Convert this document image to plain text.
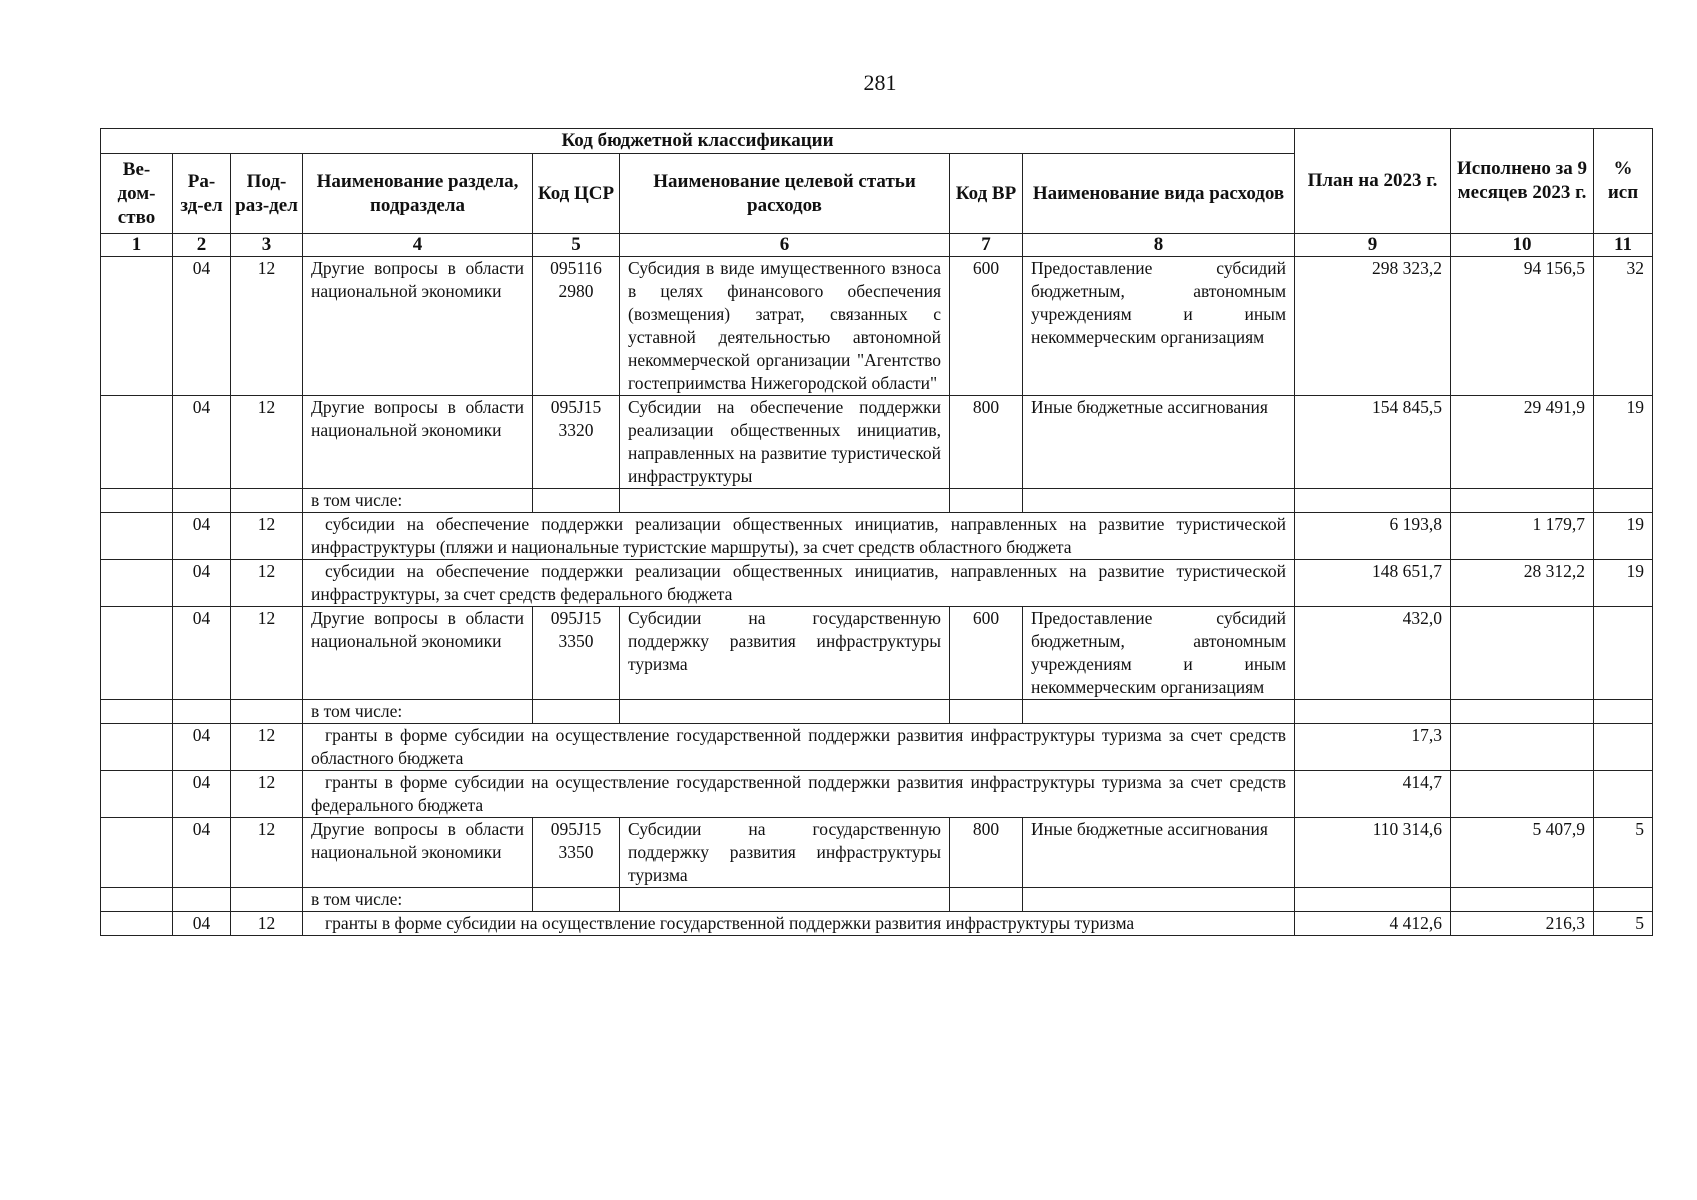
281
Код бюджетной классификации								План на 2023 г.	Исполнено за 9 месяцев 2023 г.	% исп
Ве-дом-ство	Ра-зд-ел	Под-раз-дел	Наименование раздела, подраздела	Код ЦСР	Наименование целевой статьи расходов	Код ВР	Наименование вида расходов			
1	2	3	4	5	6	7	8	9	10	11
	04	12	Другие вопросы в области национальной экономики	095116 2980	Субсидия в виде имущественного взноса в целях финансового обеспечения (возмещения) затрат, связанных с уставной деятельностью автономной некоммерческой организации "Агентство гостеприимства Нижегородской области"	600	Предоставление субсидий бюджетным, автономным учреждениям и иным некоммерческим организациям	298 323,2	94 156,5	32
	04	12	Другие вопросы в области национальной экономики	095J15 3320	Субсидии на обеспечение поддержки реализации общественных инициатив, направленных на развитие туристической инфраструктуры	800	Иные бюджетные ассигнования	154 845,5	29 491,9	19
			в том числе:							
	04	12	субсидии на обеспечение поддержки реализации общественных инициатив, направленных на развитие туристической инфраструктуры (пляжи и национальные туристские маршруты), за счет средств областного бюджета					6 193,8	1 179,7	19
	04	12	субсидии на обеспечение поддержки реализации общественных инициатив, направленных на развитие туристической инфраструктуры, за счет средств федерального бюджета					148 651,7	28 312,2	19
	04	12	Другие вопросы в области национальной экономики	095J15 3350	Субсидии на государственную поддержку развития инфраструктуры туризма	600	Предоставление субсидий бюджетным, автономным учреждениям и иным некоммерческим организациям	432,0		
			в том числе:							
	04	12	гранты в форме субсидии на осуществление государственной поддержки развития инфраструктуры туризма за счет средств областного бюджета					17,3		
	04	12	гранты в форме субсидии на осуществление государственной поддержки развития инфраструктуры туризма за счет средств федерального бюджета					414,7		
	04	12	Другие вопросы в области национальной экономики	095J15 3350	Субсидии на государственную поддержку развития инфраструктуры туризма	800	Иные бюджетные ассигнования	110 314,6	5 407,9	5
			в том числе:							
	04	12	гранты в форме субсидии на осуществление государственной поддержки развития инфраструктуры туризма					4 412,6	216,3	5
